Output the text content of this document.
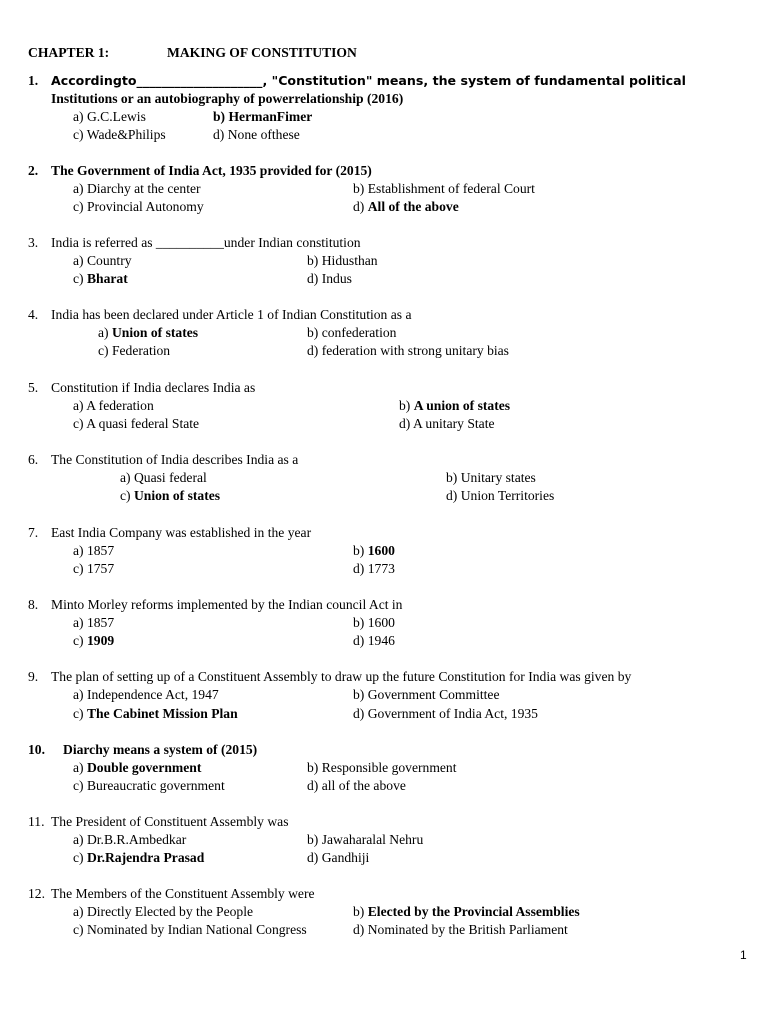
CHAPTER 1:	MAKING OF CONSTITUTION
1. Accordingto____________________, "Constitution" means, the system of fundamental political
Institutions or an autobiography of powerrelationship (2016)
a) G.C.Lewis	b) HermanFimer
c) Wade&Philips	d) None ofthese
2. The Government of India Act, 1935 provided for (2015)
a) Diarchy at the center	b) Establishment of federal Court
c) Provincial Autonomy	d) All of the above
3. India is referred as __________under Indian constitution
a) Country	b) Hidusthan
c) Bharat	d) Indus
4. India has been declared under Article 1 of Indian Constitution as a
a) Union of states	b) confederation
c) Federation	d) federation with strong unitary bias
5. Constitution if India declares India as
a) A federation	b) A union of states
c) A quasi federal State	d) A unitary State
6. The Constitution of India describes India as a
a) Quasi federal	b) Unitary states
c) Union of states	d) Union Territories
7. East India Company was established in the year
a) 1857	b) 1600
c) 1757	d) 1773
8. Minto Morley reforms implemented by the Indian council Act in
a) 1857	b) 1600
c) 1909	d) 1946
9. The plan of setting up of a Constituent Assembly to draw up the future Constitution for India was given by
a) Independence Act, 1947	b) Government Committee
c) The Cabinet Mission Plan	d) Government of India Act, 1935
10. Diarchy means a system of (2015)
a) Double government	b) Responsible government
c) Bureaucratic government	d) all of the above
11. The President of Constituent Assembly was
a) Dr.B.R.Ambedkar	b) Jawaharalal Nehru
c) Dr.Rajendra Prasad	d) Gandhiji
12. The Members of the Constituent Assembly were
a) Directly Elected by the People	b) Elected by the Provincial Assemblies
c) Nominated by Indian National Congress	d) Nominated by the British Parliament
1
